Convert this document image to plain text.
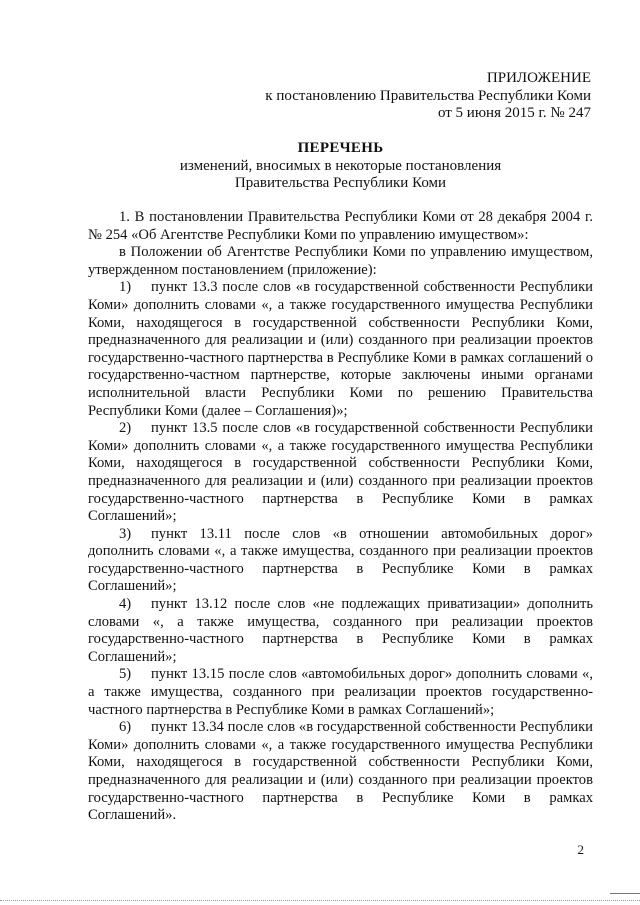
ПРИЛОЖЕНИЕ
к постановлению Правительства Республики Коми
от 5 июня 2015 г. № 247
ПЕРЕЧЕНЬ
изменений, вносимых в некоторые постановления
Правительства Республики Коми

1. В постановлении Правительства Республики Коми от 28 декабря 2004 г. № 254 «Об Агентстве Республики Коми по управлению имуществом»:

в Положении об Агентстве Республики Коми по управлению имуществом, утвержденном постановлением (приложение):

1) пункт 13.3 после слов «в государственной собственности Республики Коми» дополнить словами «, а также государственного имущества Республики Коми, находящегося в государственной собственности Республики Коми, предназначенного для реализации и (или) созданного при реализации проектов государственно-частного партнерства в Республике Коми в рамках соглашений о государственно-частном партнерстве, которые заключены иными органами исполнительной власти Республики Коми по решению Правительства Республики Коми (далее – Соглашения)»;

2) пункт 13.5 после слов «в государственной собственности Республики Коми» дополнить словами «, а также государственного имущества Республики Коми, находящегося в государственной собственности Республики Коми, предназначенного для реализации и (или) созданного при реализации проектов государственно-частного партнерства в Республике Коми в рамках Соглашений»;

3) пункт 13.11 после слов «в отношении автомобильных дорог» дополнить словами «, а также имущества, созданного при реализации проектов государственно-частного партнерства в Республике Коми в рамках Соглашений»;

4) пункт 13.12 после слов «не подлежащих приватизации» дополнить словами «, а также имущества, созданного при реализации проектов государственно-частного партнерства в Республике Коми в рамках Соглашений»;

5) пункт 13.15 после слов «автомобильных дорог» дополнить словами «, а также имущества, созданного при реализации проектов государственно-частного партнерства в Республике Коми в рамках Соглашений»;

6) пункт 13.34 после слов «в государственной собственности Республики Коми» дополнить словами «, а также государственного имущества Республики Коми, находящегося в государственной собственности Республики Коми, предназначенного для реализации и (или) созданного при реализации проектов государственно-частного партнерства в Республике Коми в рамках Соглашений».

2
